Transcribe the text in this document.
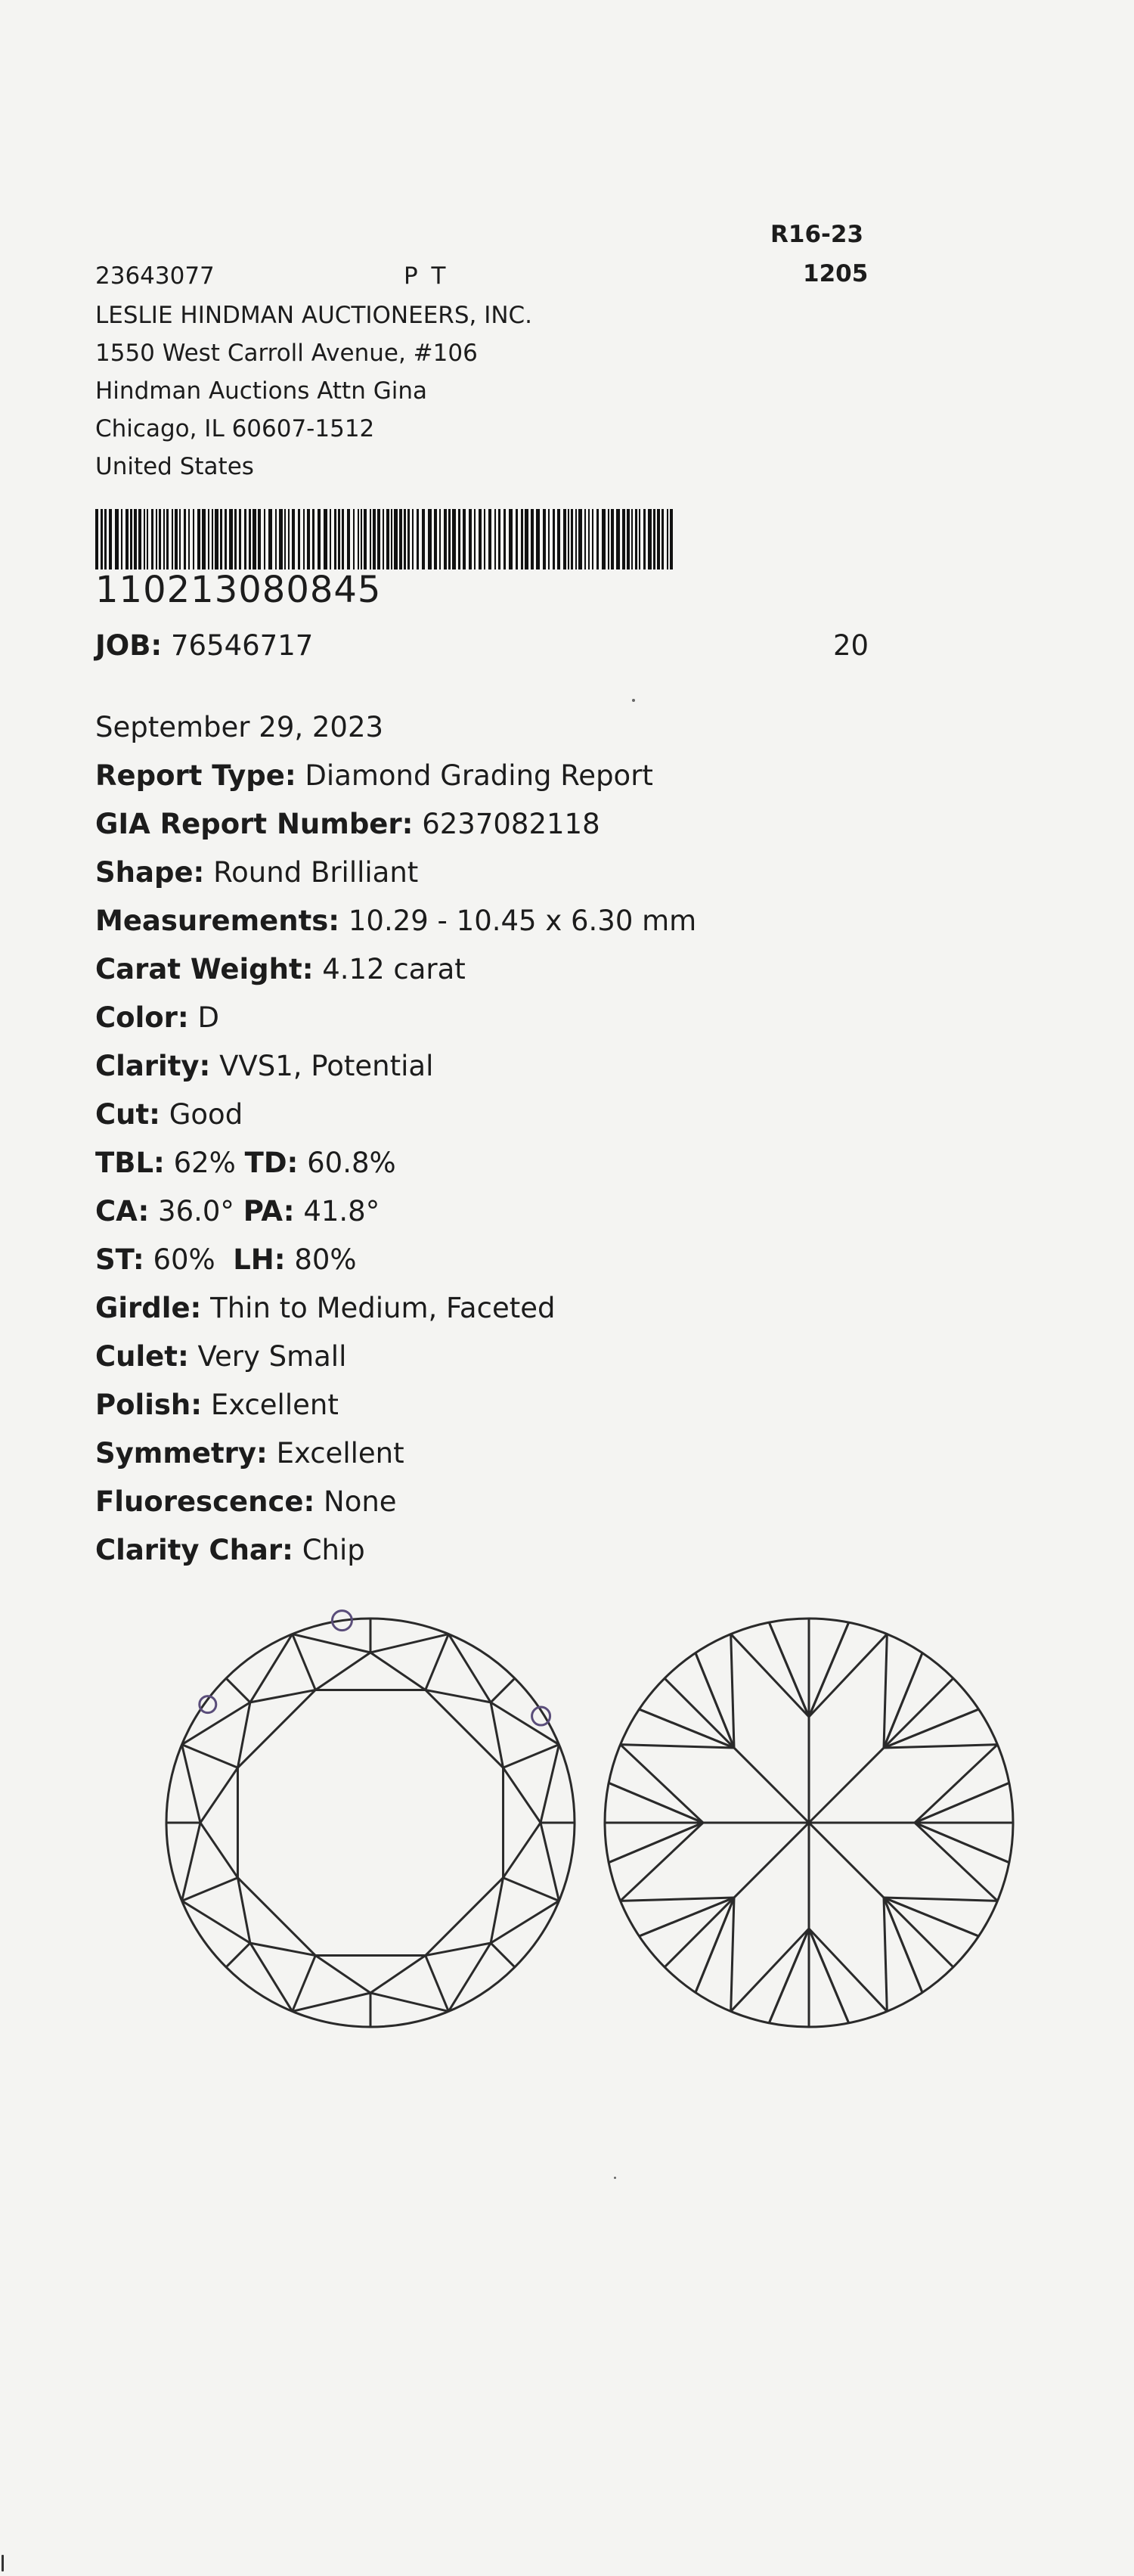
23643077	P T
R16-23
1205
LESLIE HINDMAN AUCTIONEERS, INC.
1550 West Carroll Avenue, #106
Hindman Auctions Attn Gina
Chicago, IL 60607-1512
United States
110213080845
JOB: 76546717	20
September 29, 2023
Report Type: Diamond Grading Report
GIA Report Number: 6237082118
Shape: Round Brilliant
Measurements: 10.29 - 10.45 x 6.30 mm
Carat Weight: 4.12 carat
Color: D
Clarity: VVS1, Potential
Cut: Good
TBL: 62% TD: 60.8%
CA: 36.0° PA: 41.8°
ST: 60% LH: 80%
Girdle: Thin to Medium, Faceted
Culet: Very Small
Polish: Excellent
Symmetry: Excellent
Fluorescence: None
Clarity Char: Chip
